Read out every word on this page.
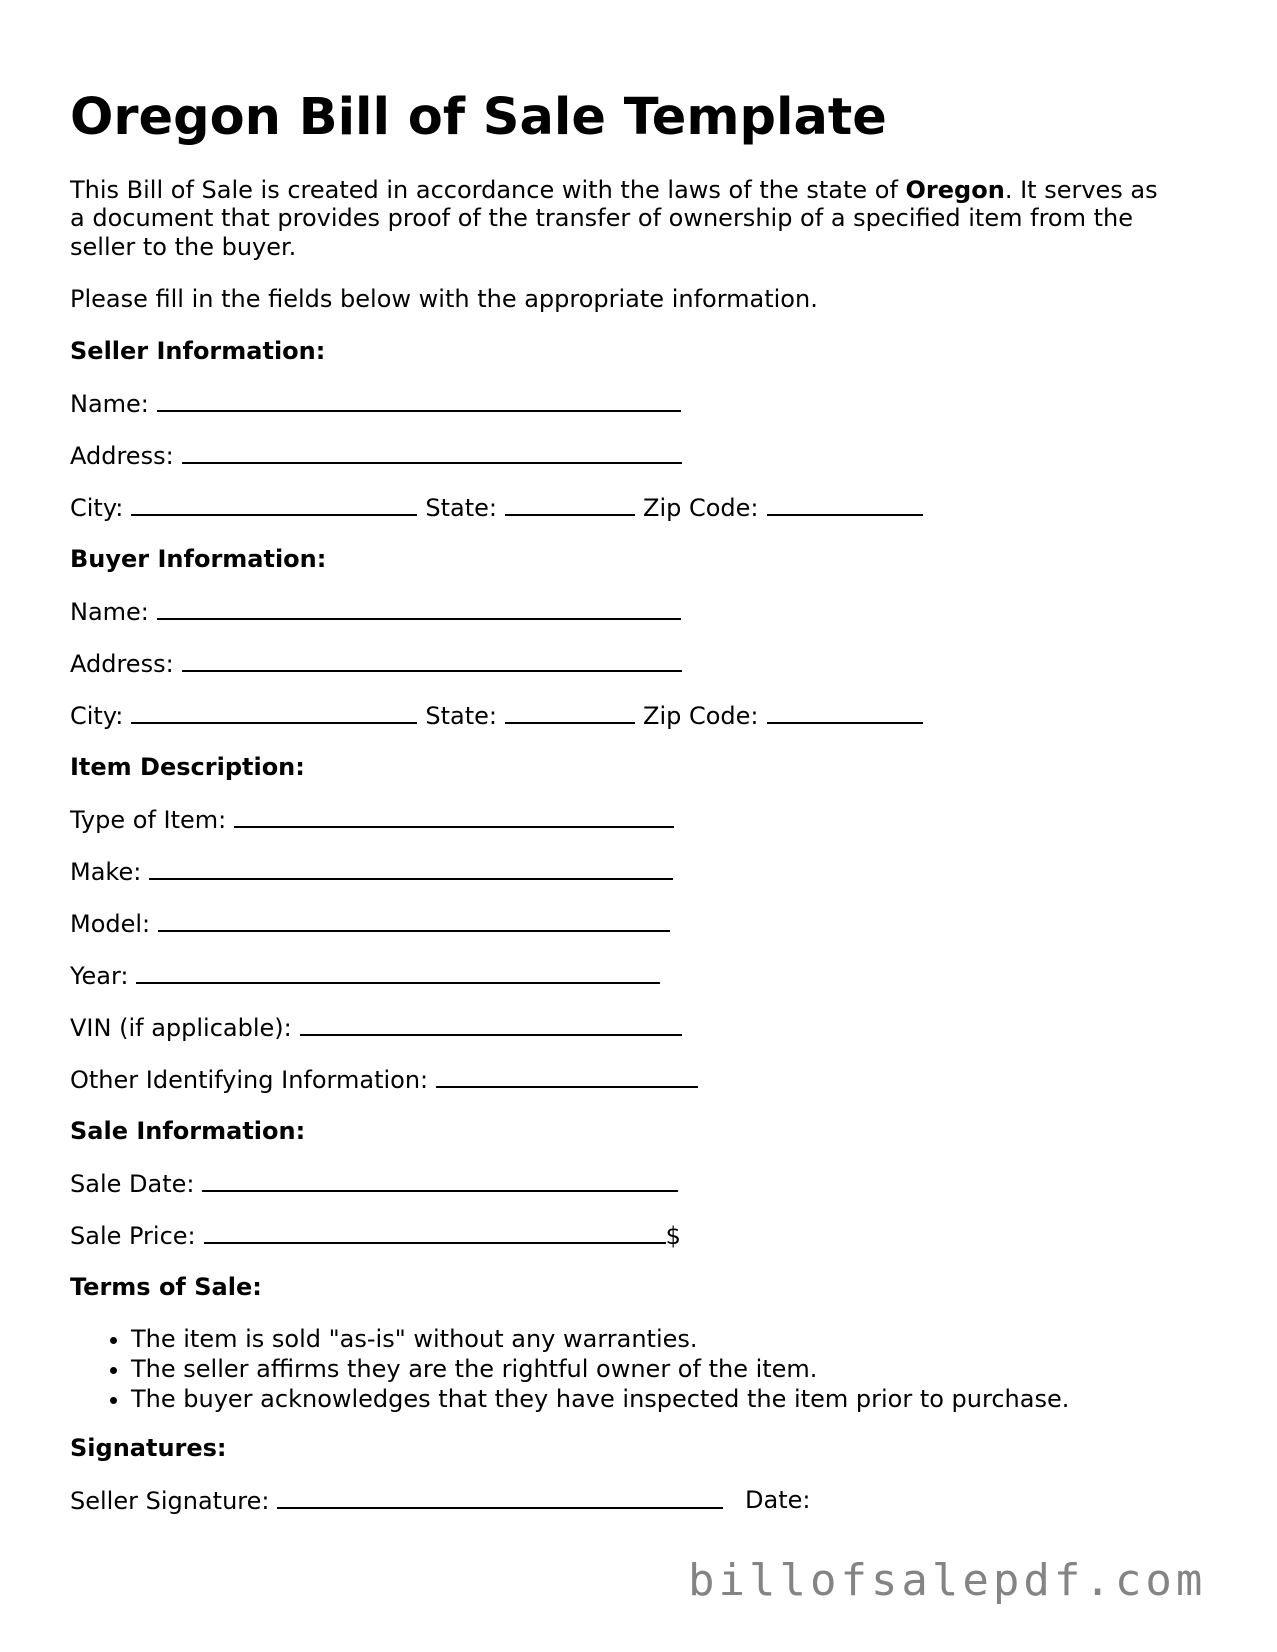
Oregon Bill of Sale Template

This Bill of Sale is created in accordance with the laws of the state of Oregon. It serves as

a document that provides proof of the transfer of ownership of a specified item from the

seller to the buyer.

Please fill in the fields below with the appropriate information.

Seller Information:

Name:
Address:
City:	State:	Zip Code:

Buyer Information:

Name:
Address:
City:	State:	Zip Code:

Item Description:

Type of Item:
Make:
Model:
Year:
VIN (if applicable):
Other Identifying Information:

Sale Information:

Sale Date:
Sale Price:	$

Terms of Sale:

• The item is sold "as-is" without any warranties.
• The seller affirms they are the rightful owner of the item.
• The buyer acknowledges that they have inspected the item prior to purchase.

Signatures:

Seller Signature:
billofsalepdf.com
Date:
